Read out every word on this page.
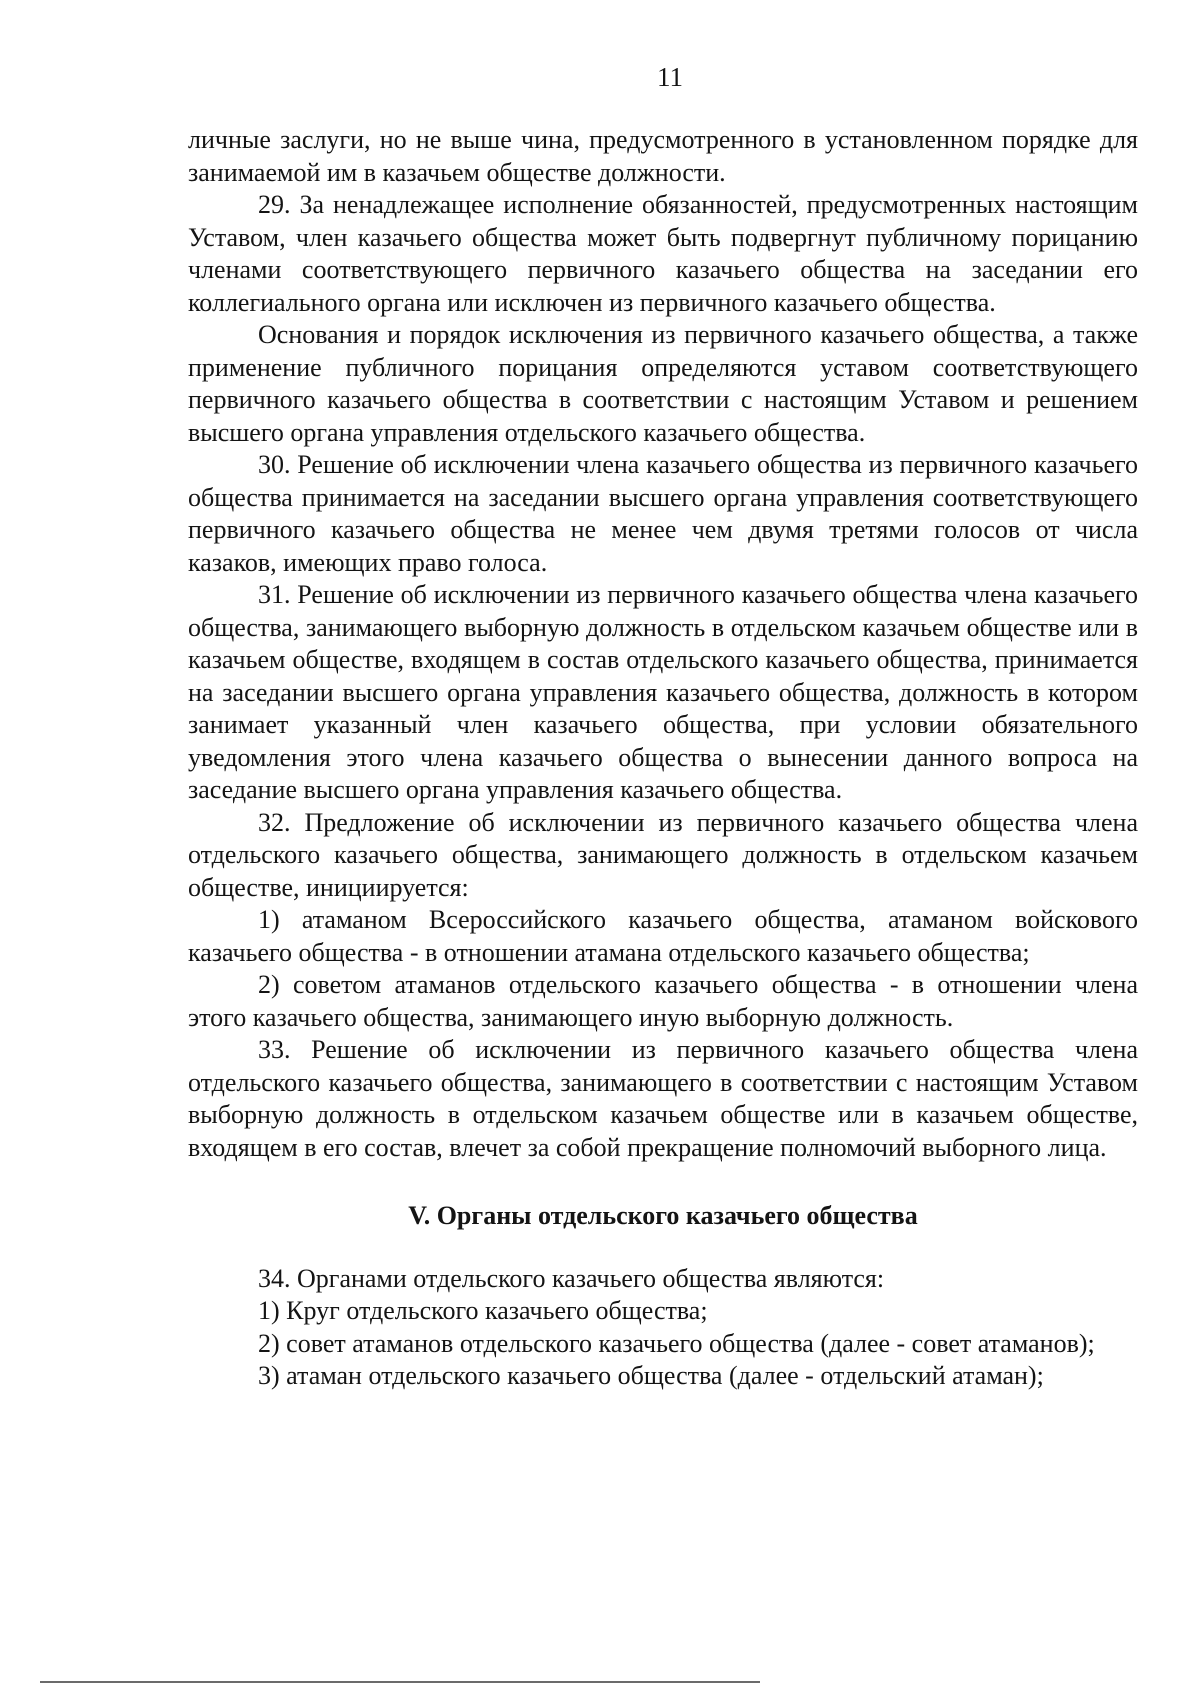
11

личные заслуги, но не выше чина, предусмотренного в установленном порядке для занимаемой им в казачьем обществе должности.

29. За ненадлежащее исполнение обязанностей, предусмотренных настоящим Уставом, член казачьего общества может быть подвергнут публичному порицанию членами соответствующего первичного казачьего общества на заседании его коллегиального органа или исключен из первичного казачьего общества.

Основания и порядок исключения из первичного казачьего общества, а также применение публичного порицания определяются уставом соответствующего первичного казачьего общества в соответствии с настоящим Уставом и решением высшего органа управления отдельского казачьего общества.

30. Решение об исключении члена казачьего общества из первичного казачьего общества принимается на заседании высшего органа управления соответствующего первичного казачьего общества не менее чем двумя третями голосов от числа казаков, имеющих право голоса.

31. Решение об исключении из первичного казачьего общества члена казачьего общества, занимающего выборную должность в отдельском казачьем обществе или в казачьем обществе, входящем в состав отдельского казачьего общества, принимается на заседании высшего органа управления казачьего общества, должность в котором занимает указанный член казачьего общества, при условии обязательного уведомления этого члена казачьего общества о вынесении данного вопроса на заседание высшего органа управления казачьего общества.

32. Предложение об исключении из первичного казачьего общества члена отдельского казачьего общества, занимающего должность в отдельском казачьем обществе, инициируется:

1) атаманом Всероссийского казачьего общества, атаманом войскового казачьего общества - в отношении атамана отдельского казачьего общества;

2) советом атаманов отдельского казачьего общества - в отношении члена этого казачьего общества, занимающего иную выборную должность.

33. Решение об исключении из первичного казачьего общества члена отдельского казачьего общества, занимающего в соответствии с настоящим Уставом выборную должность в отдельском казачьем обществе или в казачьем обществе, входящем в его состав, влечет за собой прекращение полномочий выборного лица.

V. Органы отдельского казачьего общества

34. Органами отдельского казачьего общества являются:

1) Круг отдельского казачьего общества;

2) совет атаманов отдельского казачьего общества (далее - совет атаманов);

3) атаман отдельского казачьего общества (далее - отдельский атаман);
